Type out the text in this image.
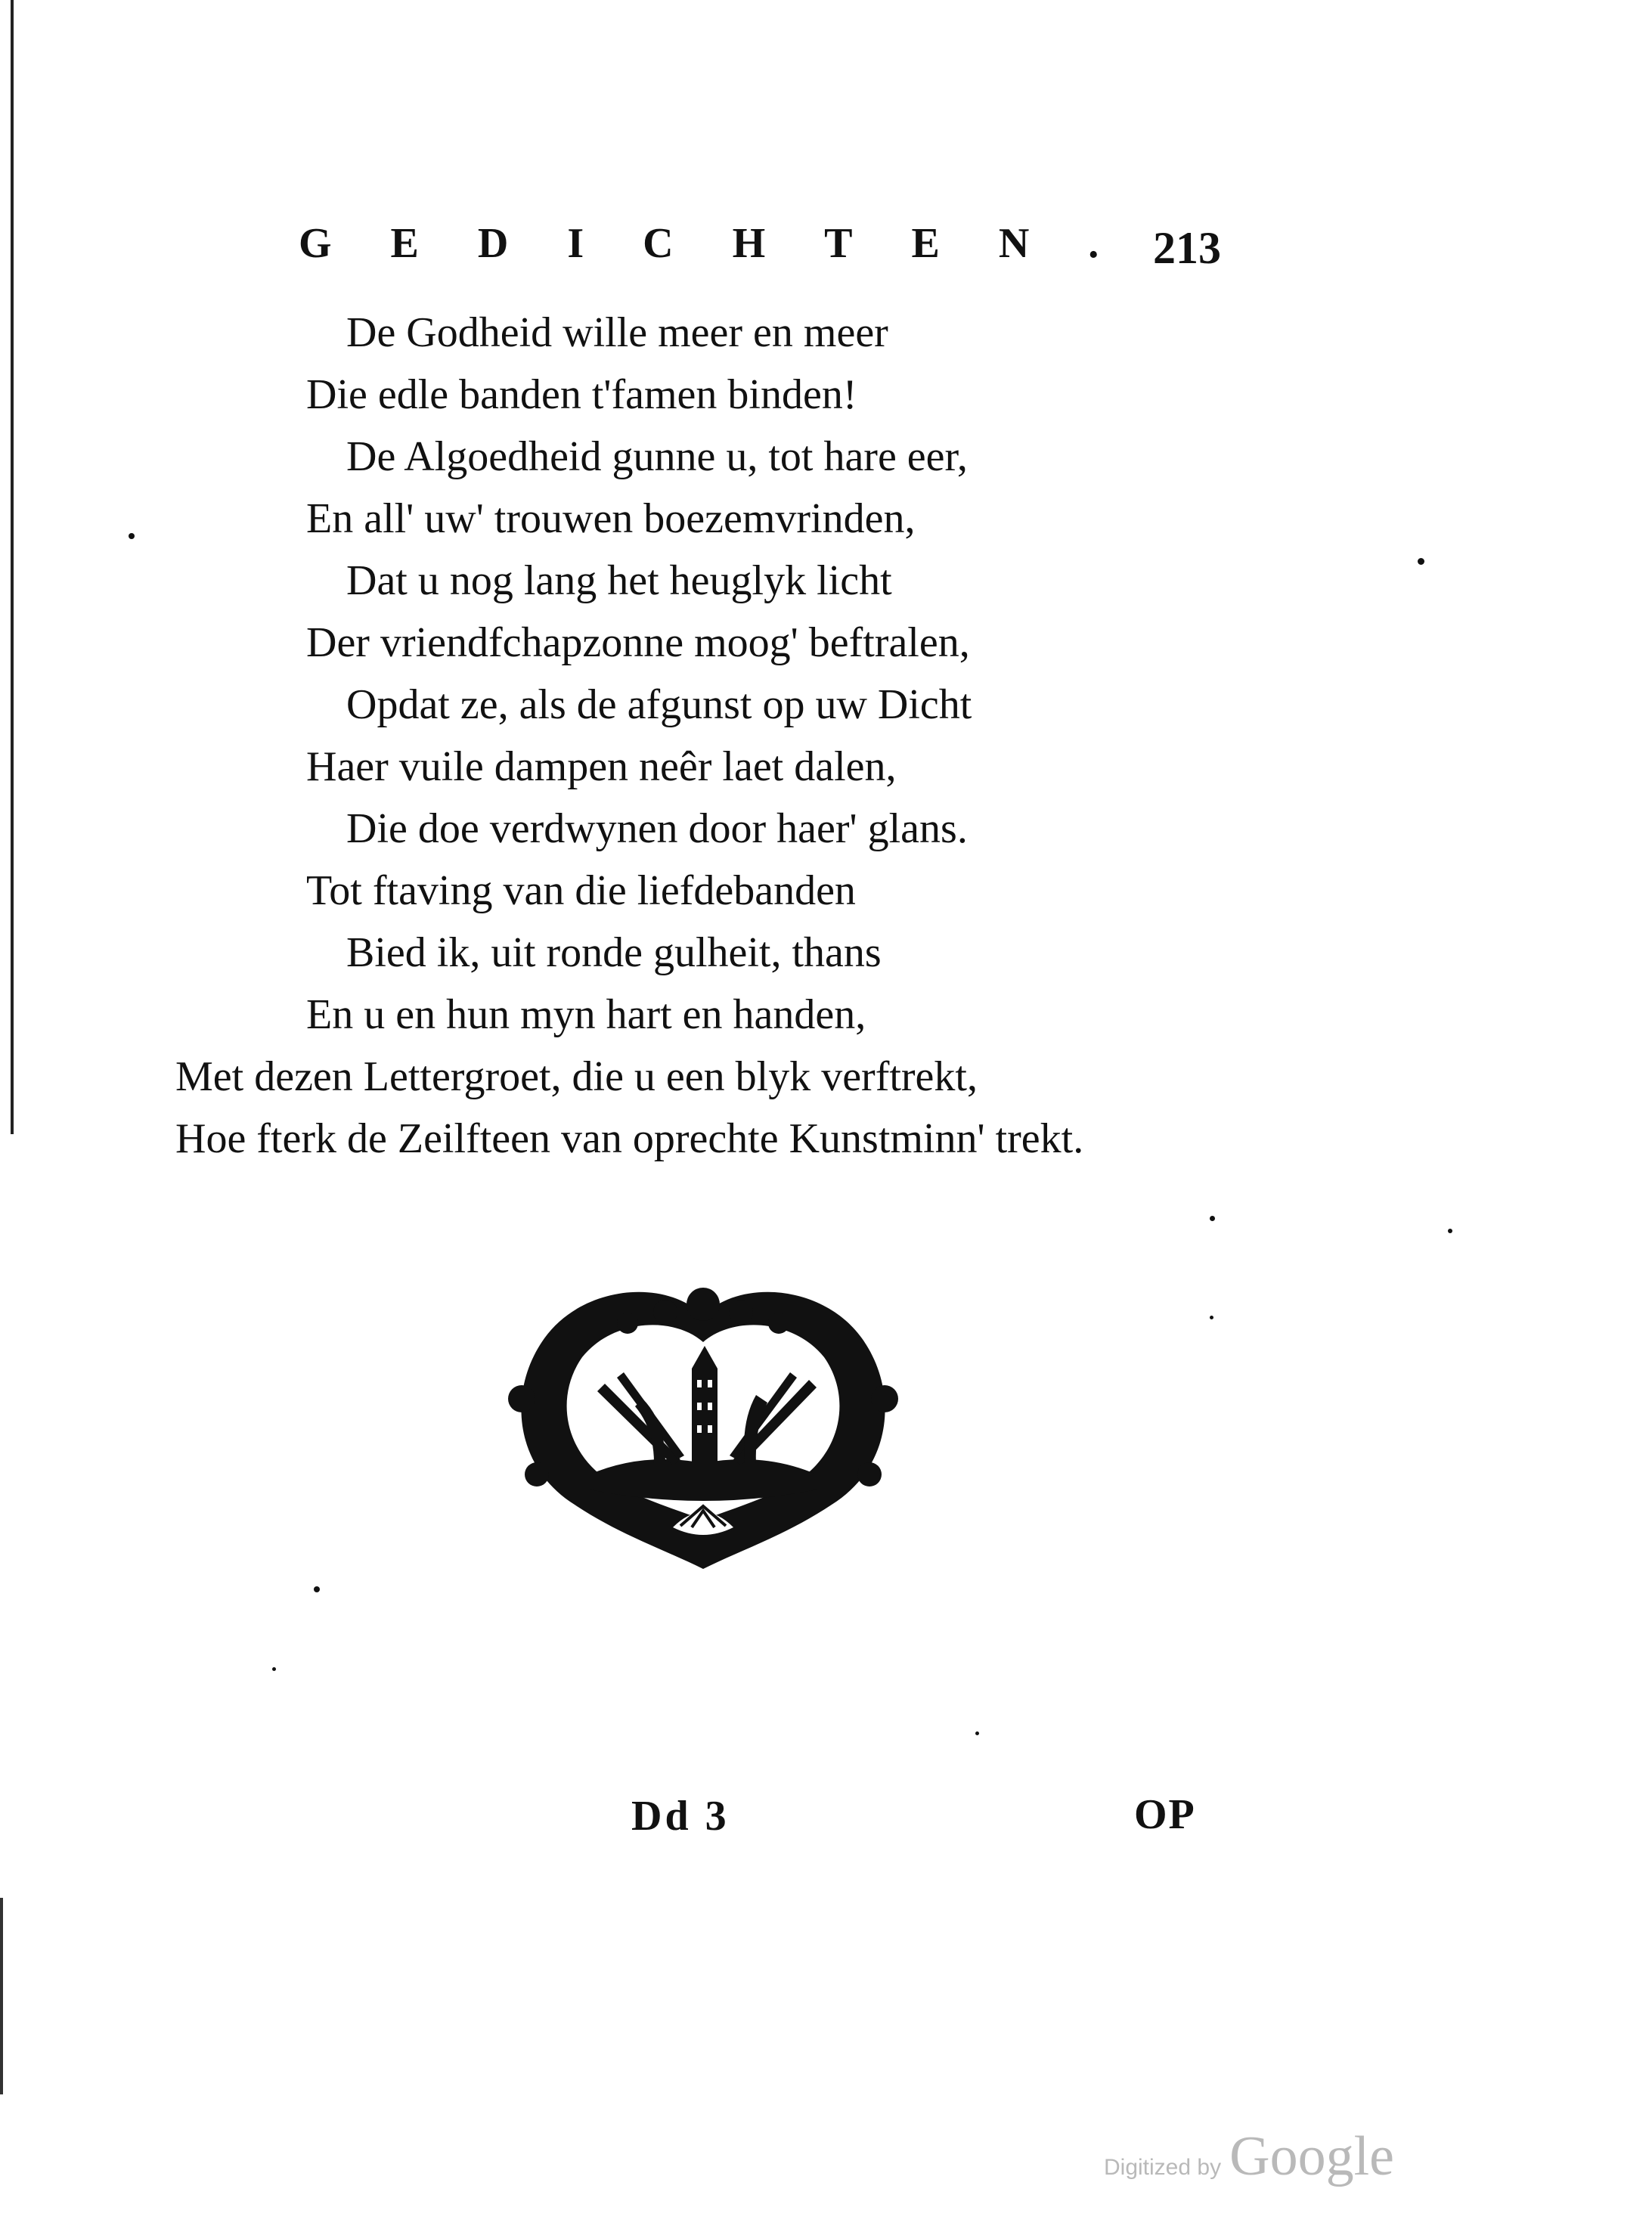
GEDICHTEN.
213
De Godheid wille meer en meer
Die edle banden t'famen binden!
De Algoedheid gunne u, tot hare eer,
En all' uw' trouwen boezemvrinden,
Dat u nog lang het heuglyk licht
Der vriendfchapzonne moog' beftralen,
Opdat ze, als de afgunst op uw Dicht
Haer vuile dampen neêr laet dalen,
Die doe verdwynen door haer' glans.
Tot ftaving van die liefdebanden
Bied ik, uit ronde gulheit, thans
En u en hun myn hart en handen,
Met dezen Lettergroet, die u een blyk verftrekt,
Hoe fterk de Zeilfteen van oprechte Kunstminn' trekt.
Dd 3	OP
Digitized by Google
